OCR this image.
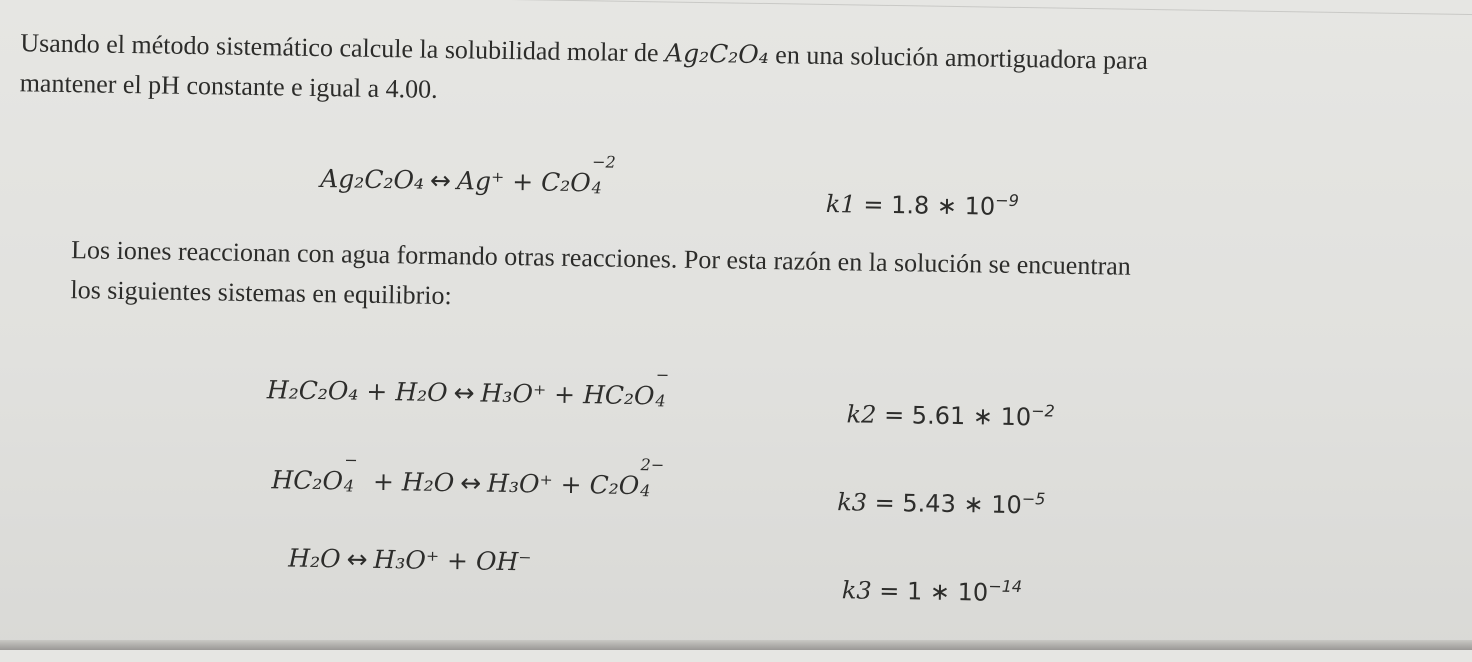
Usando el método sistemático calcule la solubilidad molar de Ag₂C₂O₄ en una solución amortiguadora para
mantener el pH constante e igual a 4.00.

Ag₂C₂O₄ ↔ Ag⁺ + C₂O
−2
4
k1 = 1.8 ∗ $10^{-9}$

Los iones reaccionan con agua formando otras reacciones. Por esta razón en la solución se encuentran
los siguientes sistemas en equilibrio:

H₂C₂O₄ + H₂O ↔ H₃O⁺ + HC₂O
−
4	k2 = 5.61 ∗ $10^{-2}$
HC₂O
−
4 + H₂O ↔ H₃O⁺ + C₂O
2−
4	k3 = 5.43 ∗ $10^{-5}$
H₂O ↔ H₃O⁺ + OH⁻
k3 = 1 ∗ $10^{-14}$
